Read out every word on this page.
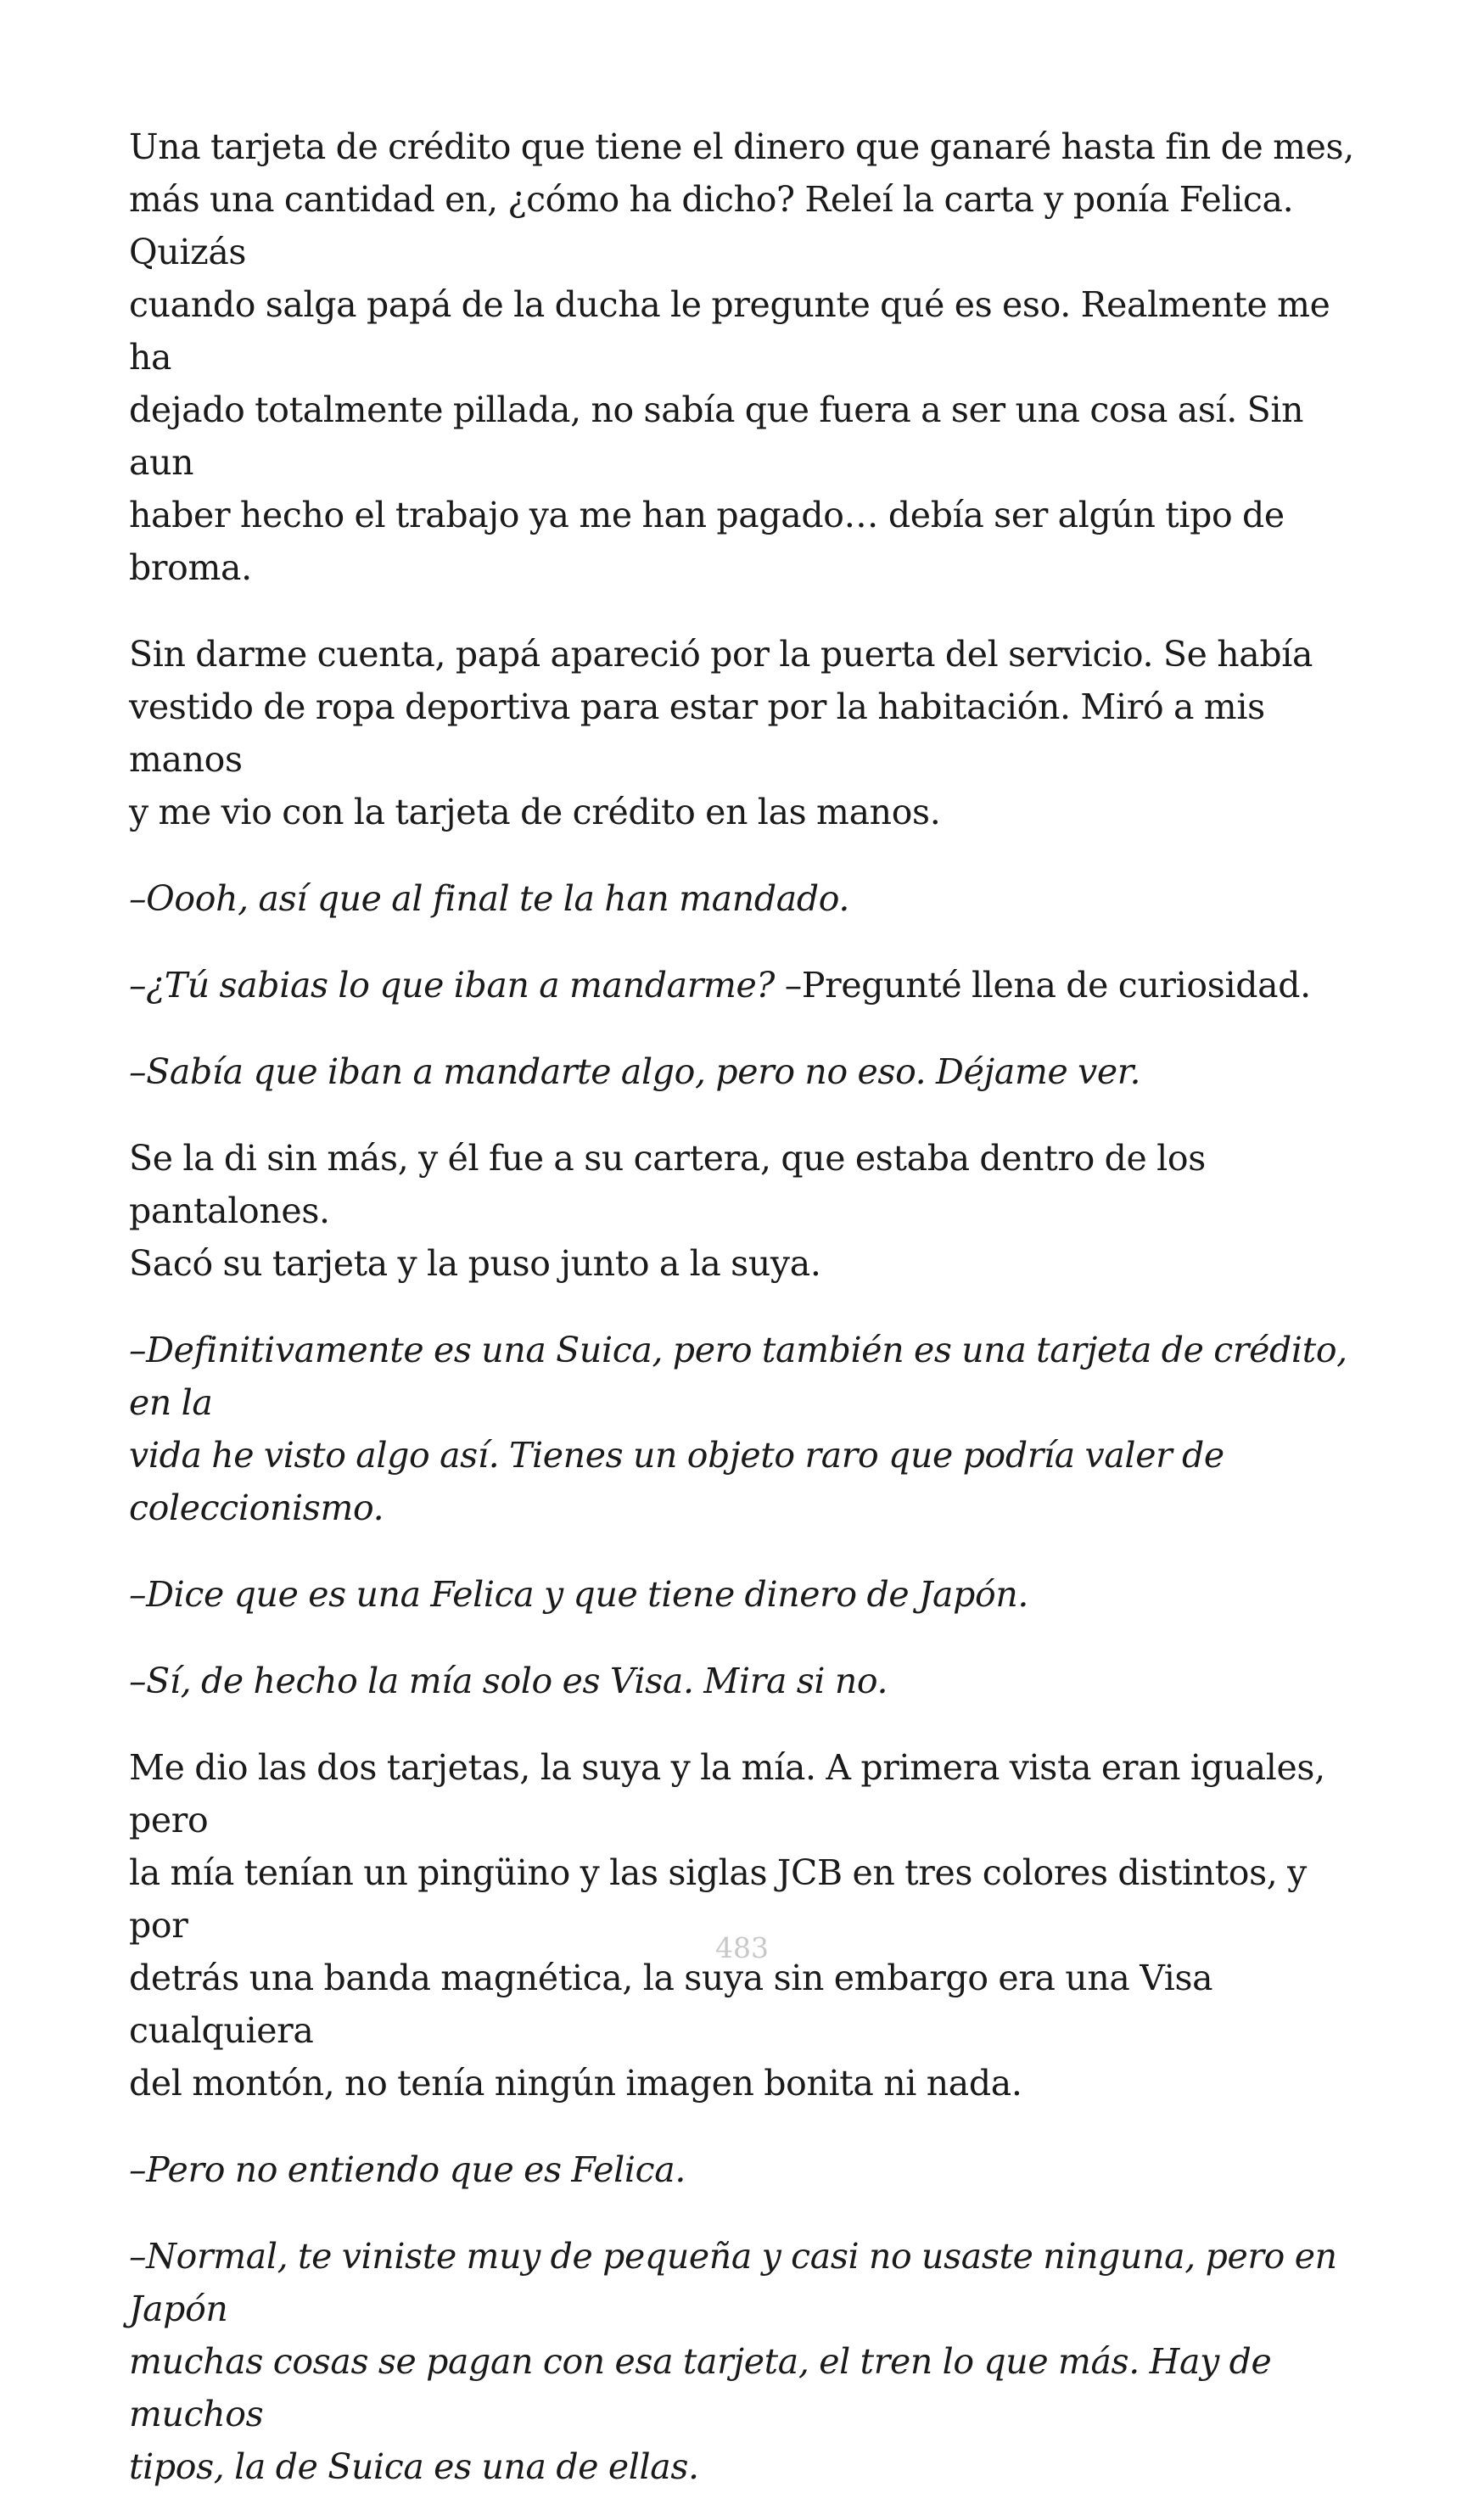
Una tarjeta de crédito que tiene el dinero que ganaré hasta fin de mes,
más una cantidad en, ¿cómo ha dicho? Releí la carta y ponía Felica. Quizás
cuando salga papá de la ducha le pregunte qué es eso. Realmente me ha
dejado totalmente pillada, no sabía que fuera a ser una cosa así. Sin aun
haber hecho el trabajo ya me han pagado… debía ser algún tipo de broma.

Sin darme cuenta, papá apareció por la puerta del servicio. Se había
vestido de ropa deportiva para estar por la habitación. Miró a mis manos
y me vio con la tarjeta de crédito en las manos.

–Oooh, así que al final te la han mandado.

–¿Tú sabias lo que iban a mandarme? –Pregunté llena de curiosidad.

–Sabía que iban a mandarte algo, pero no eso. Déjame ver.

Se la di sin más, y él fue a su cartera, que estaba dentro de los pantalones.
Sacó su tarjeta y la puso junto a la suya.

–Definitivamente es una Suica, pero también es una tarjeta de crédito, en la
vida he visto algo así. Tienes un objeto raro que podría valer de
coleccionismo.

–Dice que es una Felica y que tiene dinero de Japón.

–Sí, de hecho la mía solo es Visa. Mira si no.

Me dio las dos tarjetas, la suya y la mía. A primera vista eran iguales, pero
la mía tenían un pingüino y las siglas JCB en tres colores distintos, y por
detrás una banda magnética, la suya sin embargo era una Visa cualquiera
del montón, no tenía ningún imagen bonita ni nada.

–Pero no entiendo que es Felica.

–Normal, te viniste muy de pequeña y casi no usaste ninguna, pero en Japón
muchas cosas se pagan con esa tarjeta, el tren lo que más. Hay de muchos
tipos, la de Suica es una de ellas.

483
